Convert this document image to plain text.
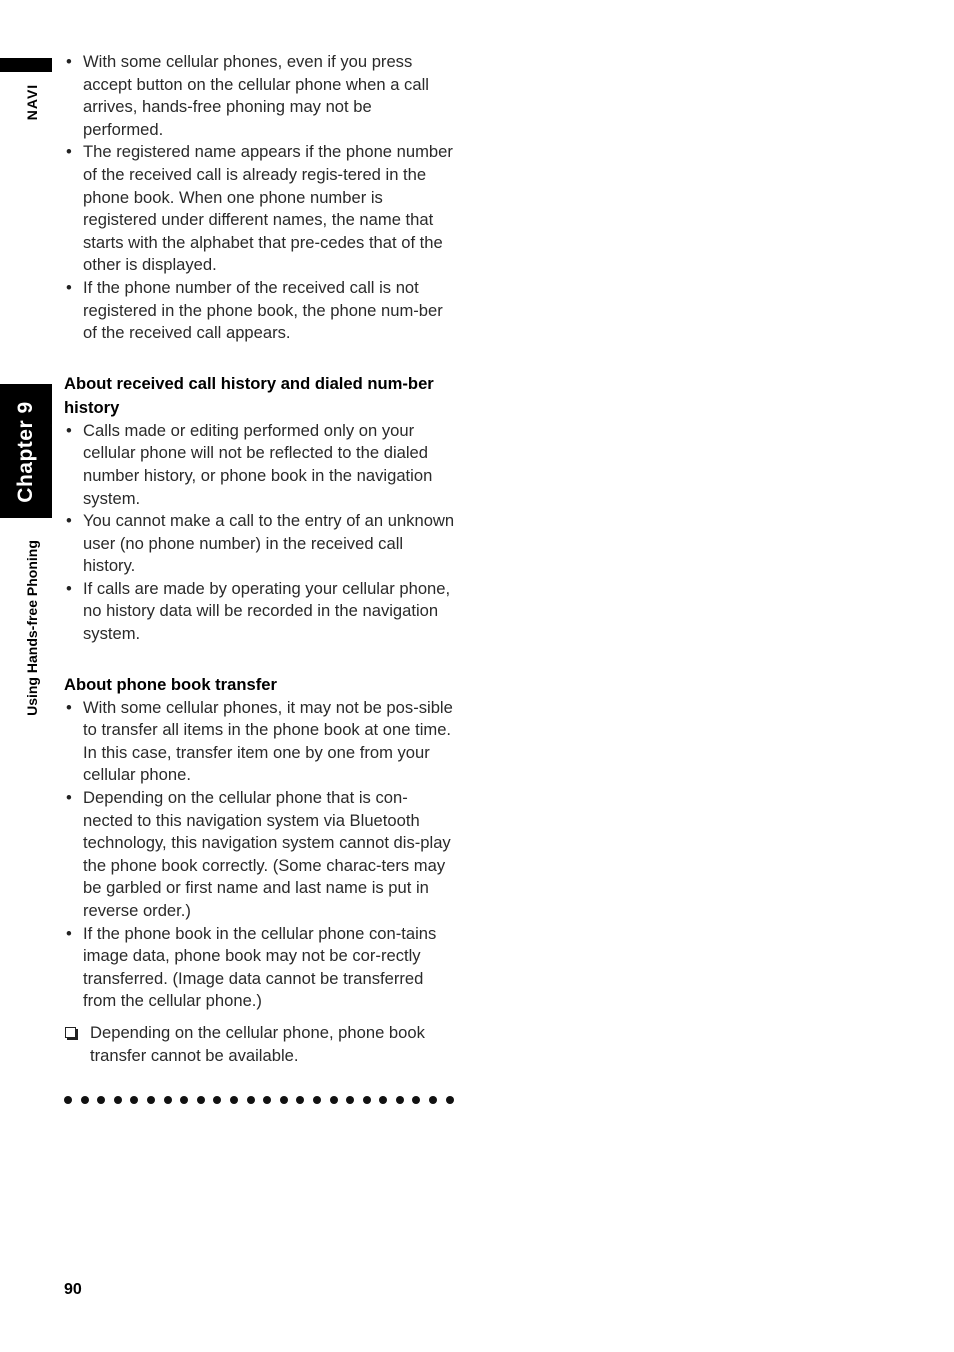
NAVI
Chapter 9
Using Hands-free Phoning
• With some cellular phones, even if you press accept button on the cellular phone when a call arrives, hands-free phoning may not be performed.
• The registered name appears if the phone number of the received call is already regis-tered in the phone book. When one phone number is registered under different names, the name that starts with the alphabet that pre-cedes that of the other is displayed.
• If the phone number of the received call is not registered in the phone book, the phone num-ber of the received call appears.
About received call history and dialed num-ber history
• Calls made or editing performed only on your cellular phone will not be reflected to the dialed number history, or phone book in the navigation system.
• You cannot make a call to the entry of an unknown user (no phone number) in the received call history.
• If calls are made by operating your cellular phone, no history data will be recorded in the navigation system.
About phone book transfer
• With some cellular phones, it may not be pos-sible to transfer all items in the phone book at one time. In this case, transfer item one by one from your cellular phone.
• Depending on the cellular phone that is con-nected to this navigation system via Bluetooth technology, this navigation system cannot dis-play the phone book correctly. (Some charac-ters may be garbled or first name and last name is put in reverse order.)
• If the phone book in the cellular phone con-tains image data, phone book may not be cor-rectly transferred. (Image data cannot be transferred from the cellular phone.)
Depending on the cellular phone, phone book transfer cannot be available.
90
